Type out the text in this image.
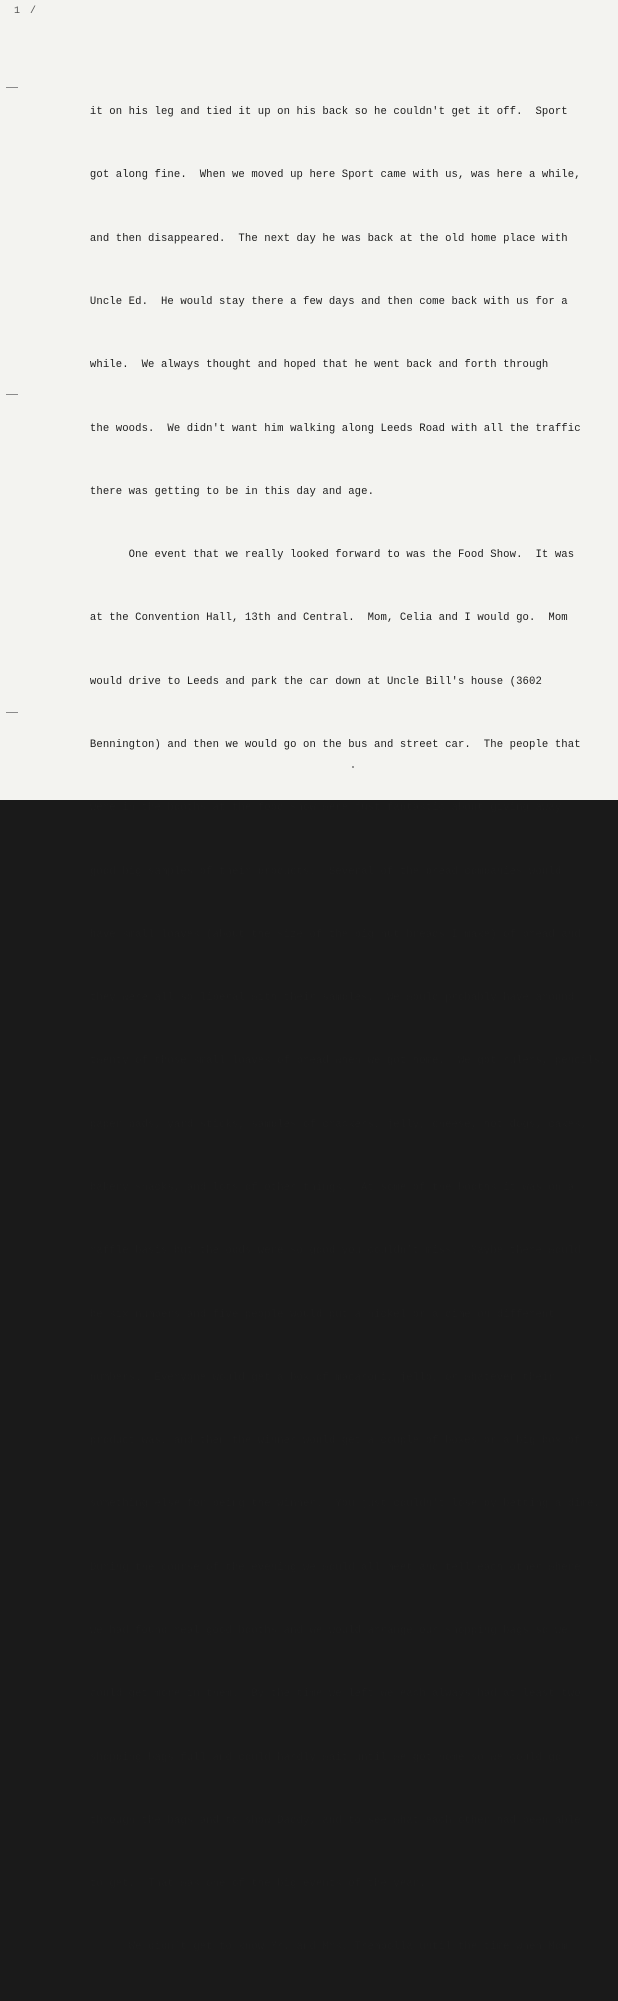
1 /

it on his leg and tied it up on his back so he couldn't get it off.  Sport

got along fine.  When we moved up here Sport came with us, was here a while,

and then disappeared.  The next day he was back at the old home place with

Uncle Ed.  He would stay there a few days and then come back with us for a

while.  We always thought and hoped that he went back and forth through

the woods.  We didn't want him walking along Leeds Road with all the traffic

there was getting to be in this day and age.

One event that we really looked forward to was the Food Show.  It was

at the Convention Hall, 13th and Central.  Mom, Celia and I would go.  Mom

would drive to Leeds and park the car down at Uncle Bill's house (3602

Bennington) and then we would go on the bus and street car.  The people that

were in the booths at the food show were just fantastic about giving away

good big samples of their products.  Several of the bread companies would

have small loaves (about the size of the big nut breads I make) of bread and

they were all so liberal with their samples.  We would probably have around

twenty of those small loaves of bread when we got home.  We got rulers, pencils,

paper pads, yard sticks, samples of crackers, jelly, cheese, hot dogs, cakes,

bakery snacks, and lots of other things.  At some of the booths it was on a

raffle basis but the odds were so good you couldn't miss.  Maybe there would

be six numbers and five people would put a nickel or a dime on different

numbers.  Everyone would get a box of macaroni, jello, or whatever their

product was, and then the winner would get a couple of boxes or a big box of

something else for being the winner.  You just couldn't lose by betting a dime.

During the course of the evening we would all meet and tell each other where

we had found real good booths and we would arrange our shopping bags so we

could get more in them.  By the time we left we each always had at least two

shopping bags full and could hardly wait until we got home so we could go

through the bags and to show Daddy, and to see what each other had been able

to get.  That was one of the big events of the year.

We didn't get to know Mr. and Mrs. Trempolla until the time when Mom
